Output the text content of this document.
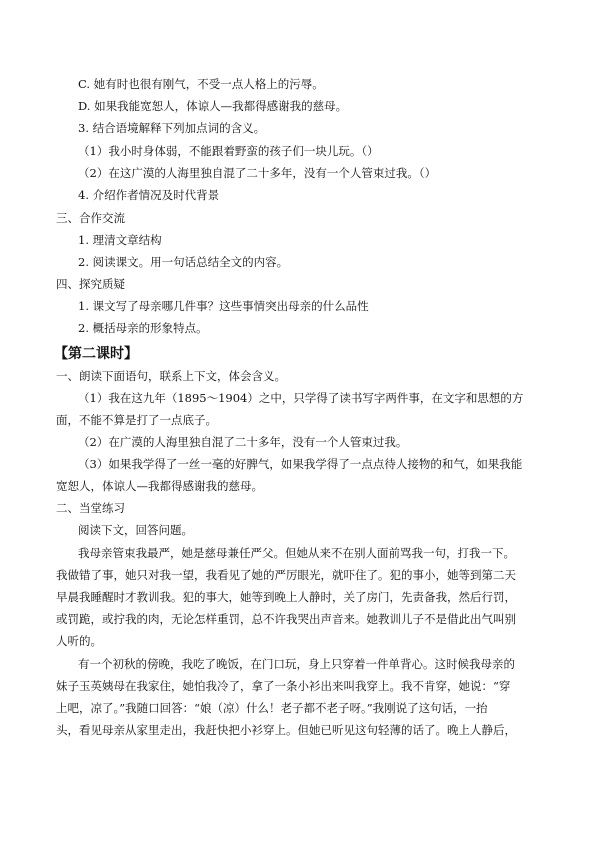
C. 她有时也很有刚气，不受一点人格上的污辱。
D. 如果我能宽恕人，体谅人—我都得感谢我的慈母。
3. 结合语境解释下列加点词的含义。
（1）我小时身体弱，不能跟着野蛮的孩子们一块儿玩。（）
（2）在这广漠的人海里独自混了二十多年，没有一个人管束过我。（）
4. 介绍作者情况及时代背景
三、合作交流
1. 理清文章结构
2. 阅读课文。用一句话总结全文的内容。
四、探究质疑
1. 课文写了母亲哪几件事？这些事情突出母亲的什么品性
2. 概括母亲的形象特点。
【第二课时】
一、朗读下面语句，联系上下文，体会含义。
（1）我在这九年（1895～1904）之中，只学得了读书写字两件事，在文字和思想的方
面，不能不算是打了一点底子。
（2）在广漠的人海里独自混了二十多年，没有一个人管束过我。
（3）如果我学得了一丝一毫的好脾气，如果我学得了一点点待人接物的和气，如果我能
宽恕人，体谅人—我都得感谢我的慈母。
二、当堂练习
阅读下文，回答问题。
我母亲管束我最严，她是慈母兼任严父。但她从来不在别人面前骂我一句，打我一下。
我做错了事，她只对我一望，我看见了她的严厉眼光，就吓住了。犯的事小，她等到第二天
早晨我睡醒时才教训我。犯的事大，她等到晚上人静时，关了房门，先责备我，然后行罚，
或罚跪，或拧我的肉，无论怎样重罚，总不许我哭出声音来。她教训儿子不是借此出气叫别
人听的。
有一个初秋的傍晚，我吃了晚饭，在门口玩，身上只穿着一件单背心。这时候我母亲的
妹子玉英姨母在我家住，她怕我冷了，拿了一条小衫出来叫我穿上。我不肯穿，她说：“穿
上吧，凉了。”我随口回答：“娘（凉）什么！老子都不老子呀。”我刚说了这句话，一抬
头，看见母亲从家里走出，我赶快把小衫穿上。但她已听见这句轻薄的话了。晚上人静后，
